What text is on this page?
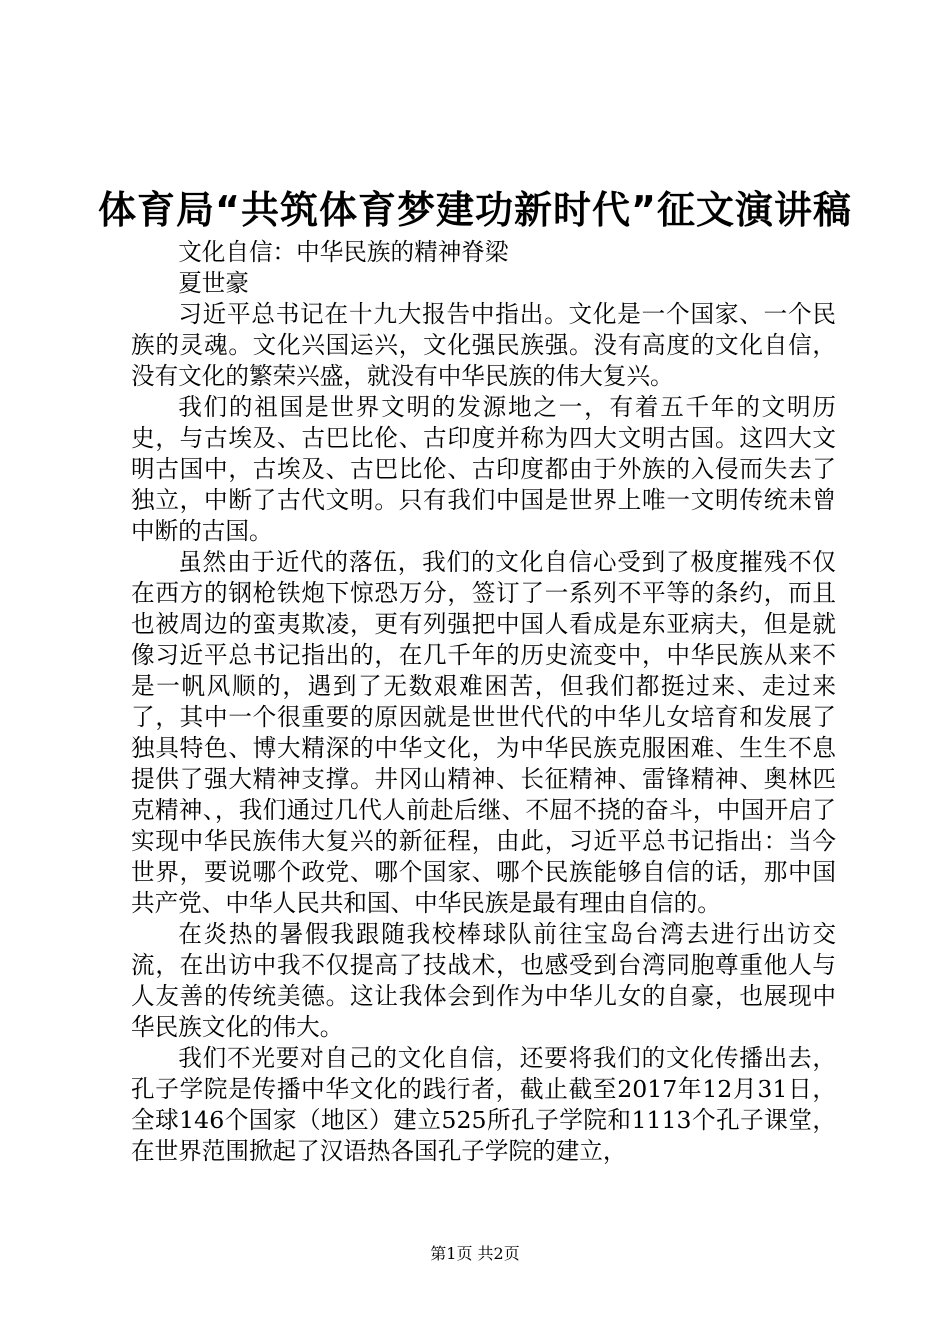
体育局“共筑体育梦建功新时代”征文演讲稿

文化自信：中华民族的精神脊梁

夏世豪

习近平总书记在十九大报告中指出。文化是一个国家、一个民族的灵魂。文化兴国运兴，文化强民族强。没有高度的文化自信，没有文化的繁荣兴盛，就没有中华民族的伟大复兴。

我们的祖国是世界文明的发源地之一，有着五千年的文明历史，与古埃及、古巴比伦、古印度并称为四大文明古国。这四大文明古国中，古埃及、古巴比伦、古印度都由于外族的入侵而失去了独立，中断了古代文明。只有我们中国是世界上唯一文明传统未曾中断的古国。

虽然由于近代的落伍，我们的文化自信心受到了极度摧残不仅在西方的钢枪铁炮下惊恐万分，签订了一系列不平等的条约，而且也被周边的蛮夷欺凌，更有列强把中国人看成是东亚病夫，但是就像习近平总书记指出的，在几千年的历史流变中，中华民族从来不是一帆风顺的，遇到了无数艰难困苦，但我们都挺过来、走过来了，其中一个很重要的原因就是世世代代的中华儿女培育和发展了独具特色、博大精深的中华文化，为中华民族克服困难、生生不息提供了强大精神支撑。井冈山精神、长征精神、雷锋精神、奥林匹克精神、，我们通过几代人前赴后继、不屈不挠的奋斗，中国开启了实现中华民族伟大复兴的新征程，由此，习近平总书记指出：当今世界，要说哪个政党、哪个国家、哪个民族能够自信的话，那中国共产党、中华人民共和国、中华民族是最有理由自信的。

在炎热的暑假我跟随我校棒球队前往宝岛台湾去进行出访交流，在出访中我不仅提高了技战术，也感受到台湾同胞尊重他人与人友善的传统美德。这让我体会到作为中华儿女的自豪，也展现中华民族文化的伟大。

我们不光要对自己的文化自信，还要将我们的文化传播出去，孔子学院是传播中华文化的践行者，截止截至2017年12月31日，全球146个国家（地区）建立525所孔子学院和1113个孔子课堂，在世界范围掀起了汉语热各国孔子学院的建立，

第1页 共2页
